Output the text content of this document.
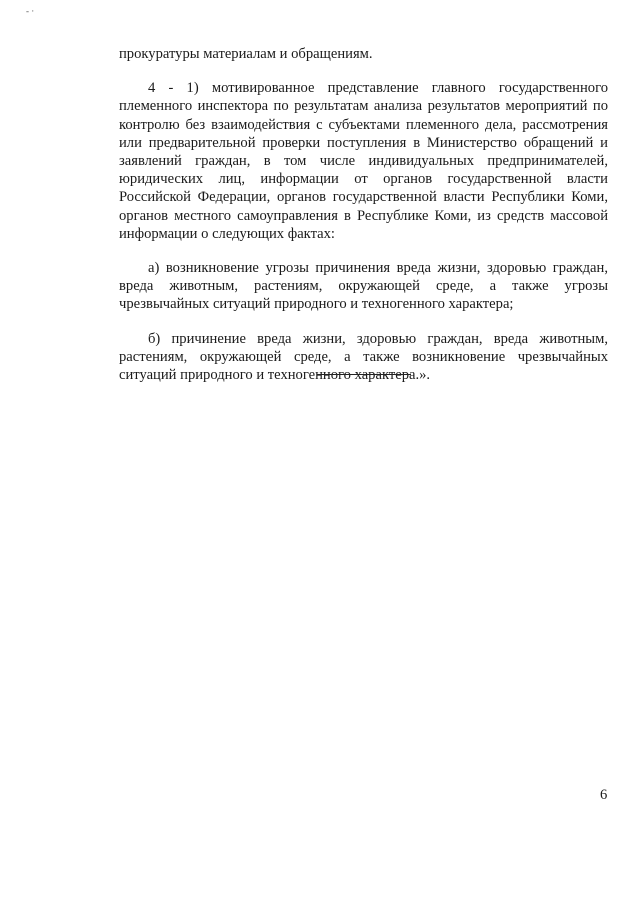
- ·

прокуратуры материалам и обращениям.

4 - 1) мотивированное представление главного государственного племенного инспектора по результатам анализа результатов мероприятий по контролю без взаимодействия с субъектами племенного дела, рассмотрения или предварительной проверки поступления в Министерство обращений и заявлений граждан, в том числе индивидуальных предпринимателей, юридических лиц, информации от органов государственной власти Российской Федерации, органов государственной власти Республики Коми, органов местного самоуправления в Республике Коми, из средств массовой информации о следующих фактах:

а) возникновение угрозы причинения вреда жизни, здоровью граждан, вреда животным, растениям, окружающей среде, а также угрозы чрезвычайных ситуаций природного и техногенного характера;

б) причинение вреда жизни, здоровью граждан, вреда животным, растениям, окружающей среде, а также возникновение чрезвычайных ситуаций природного и техногенного характера.».

6
